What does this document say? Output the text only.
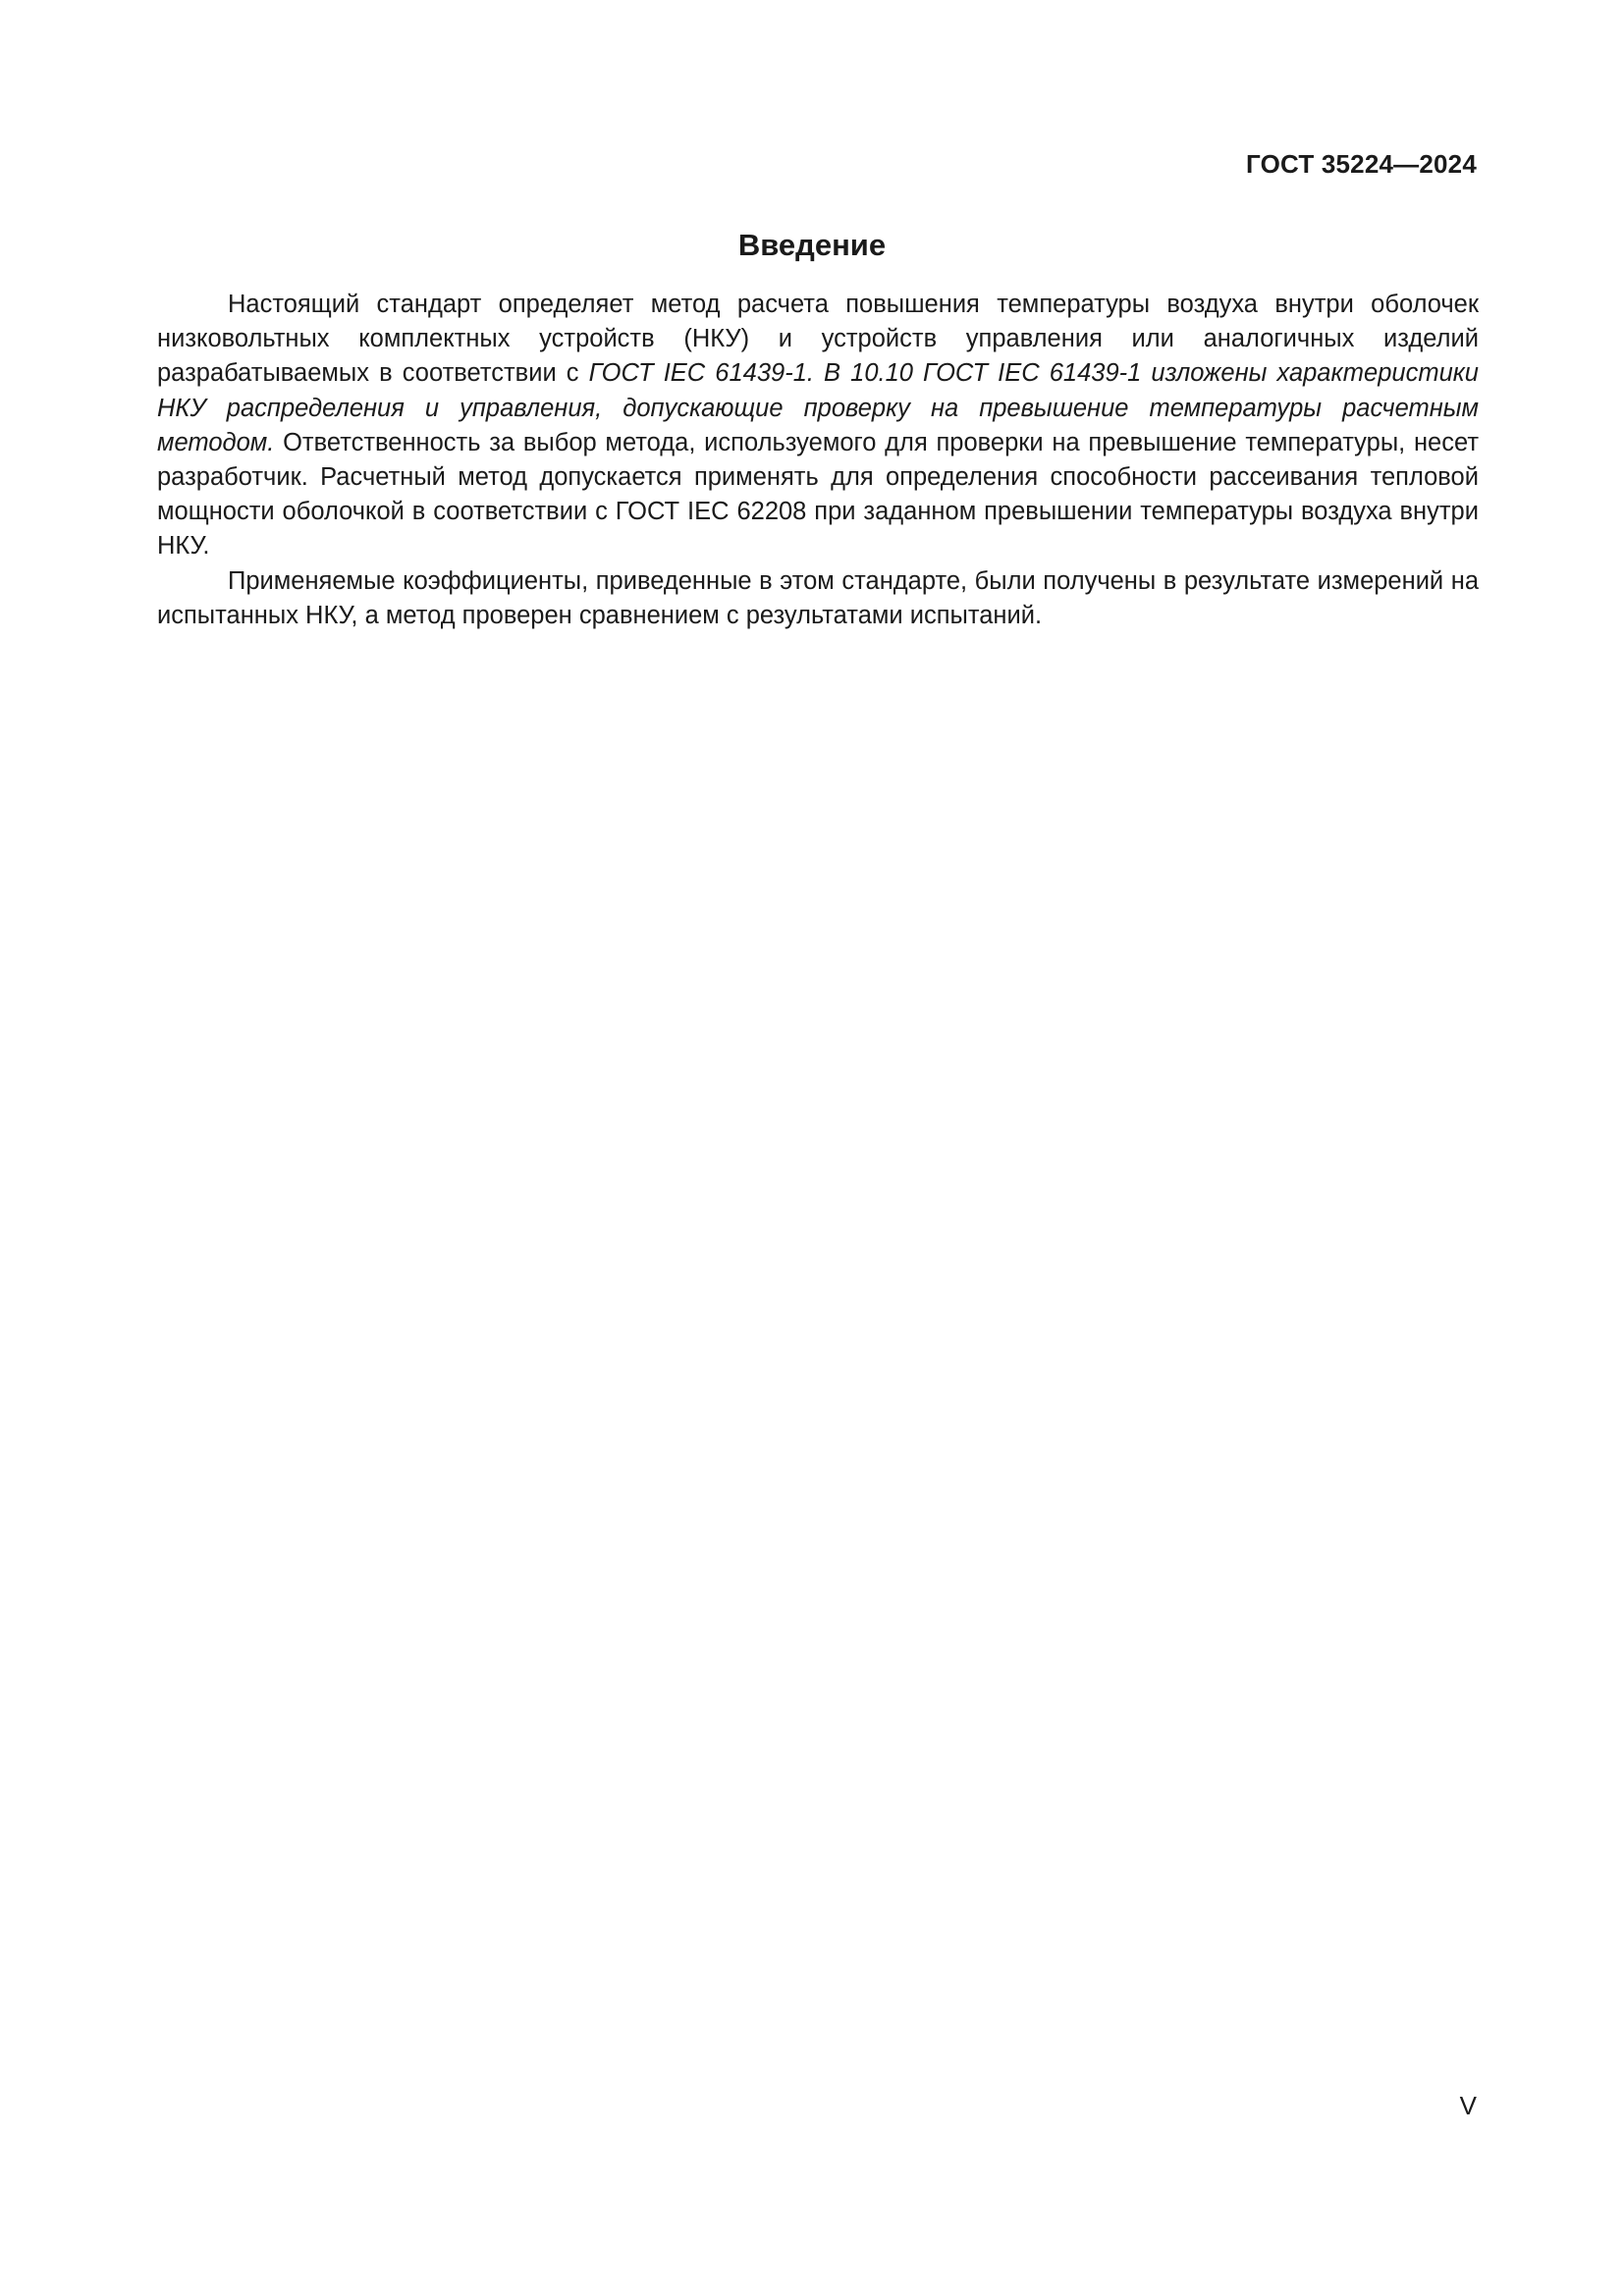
ГОСТ 35224—2024
Введение

Настоящий стандарт определяет метод расчета повышения температуры воздуха внутри оболочек низковольтных комплектных устройств (НКУ) и устройств управления или аналогичных изделий разрабатываемых в соответствии с ГОСТ IEC 61439-1. В 10.10 ГОСТ IEC 61439-1 изложены характеристики НКУ распределения и управления, допускающие проверку на превышение температуры расчетным методом. Ответственность за выбор метода, используемого для проверки на превышение температуры, несет разработчик. Расчетный метод допускается применять для определения способности рассеивания тепловой мощности оболочкой в соответствии с ГОСТ IEC 62208 при заданном превышении температуры воздуха внутри НКУ.

Применяемые коэффициенты, приведенные в этом стандарте, были получены в результате измерений на испытанных НКУ, а метод проверен сравнением с результатами испытаний.

V
